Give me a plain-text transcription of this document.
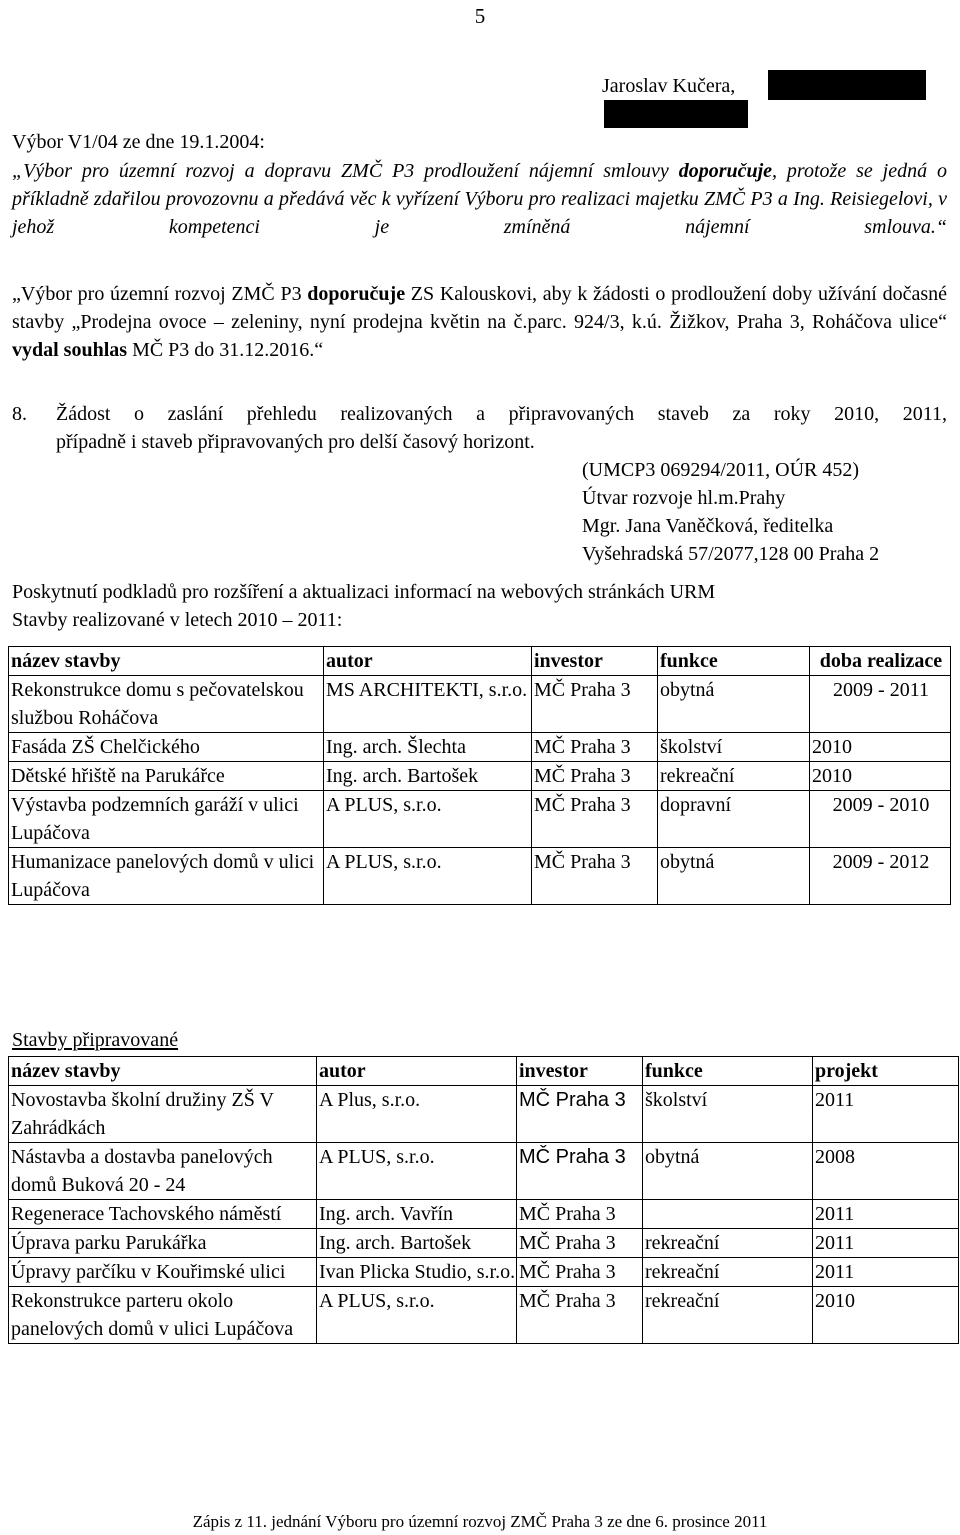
5
Jaroslav Kučera,
Výbor V1/04 ze dne 19.1.2004:
„Výbor pro územní rozvoj a dopravu ZMČ P3 prodloužení nájemní smlouvy doporučuje, protože se jedná o příkladně zdařilou provozovnu a předává věc k vyřízení Výboru pro realizaci majetku ZMČ P3 a Ing. Reisiegelovi, v jehož kompetenci je zmíněná nájemní smlouva.“
„Výbor pro územní rozvoj ZMČ P3 doporučuje ZS Kalouskovi, aby k žádosti o prodloužení doby užívání dočasné stavby „Prodejna ovoce – zeleniny, nyní prodejna květin na č.parc. 924/3, k.ú. Žižkov, Praha 3, Roháčova ulice“ vydal souhlas MČ P3 do 31.12.2016.“
8. Žádost o zaslání přehledu realizovaných a připravovaných staveb za roky 2010, 2011,
případně i staveb připravovaných pro delší časový horizont.
(UMCP3 069294/2011, OÚR 452)
Útvar rozvoje hl.m.Prahy
Mgr. Jana Vaněčková, ředitelka
Vyšehradská 57/2077,128 00 Praha 2
Poskytnutí podkladů pro rozšíření a aktualizaci informací na webových stránkách URM
Stavby realizované v letech 2010 – 2011:
název stavby	autor	investor	funkce	doba realizace
Rekonstrukce domu s pečovatelskou službou Roháčova	MS ARCHITEKTI, s.r.o.	MČ Praha 3	obytná	2009 - 2011
Fasáda ZŠ Chelčického	Ing. arch. Šlechta	MČ Praha 3	školství	2010
Dětské hřiště na Parukářce	Ing. arch. Bartošek	MČ Praha 3	rekreační	2010
Výstavba podzemních garáží v ulici Lupáčova	A PLUS, s.r.o.	MČ Praha 3	dopravní	2009 - 2010
Humanizace panelových domů v ulici Lupáčova	A PLUS, s.r.o.	MČ Praha 3	obytná	2009 - 2012
Stavby připravované
název stavby	autor	investor	funkce	projekt
Novostavba školní družiny ZŠ V Zahrádkách	A Plus, s.r.o.	MČ Praha 3	školství	2011
Nástavba a dostavba panelových domů Buková 20 - 24	A PLUS, s.r.o.	MČ Praha 3	obytná	2008
Regenerace Tachovského náměstí	Ing. arch. Vavřín	MČ Praha 3		2011
Úprava parku Parukářka	Ing. arch. Bartošek	MČ Praha 3	rekreační	2011
Úpravy parčíku v Kouřimské ulici	Ivan Plicka Studio, s.r.o.	MČ Praha 3	rekreační	2011
Rekonstrukce parteru okolo panelových domů v ulici Lupáčova	A PLUS, s.r.o.	MČ Praha 3	rekreační	2010
Zápis z 11. jednání Výboru pro územní rozvoj ZMČ Praha 3 ze dne 6. prosince 2011
